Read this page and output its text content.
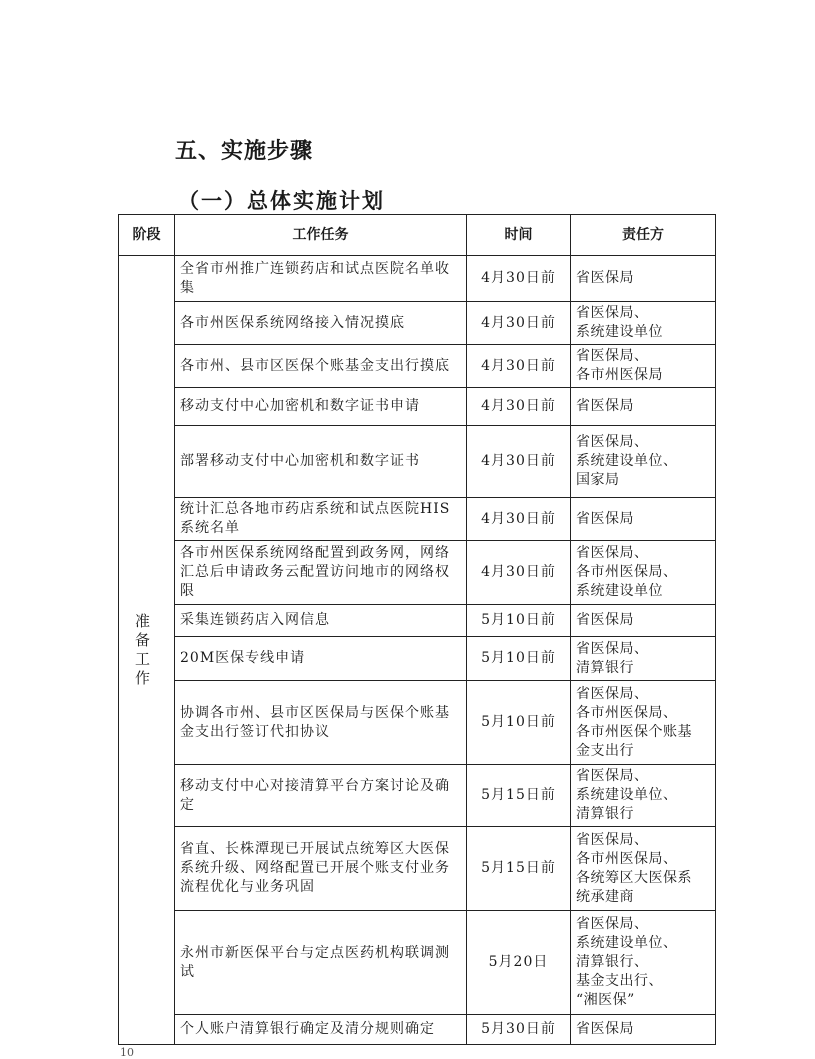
五、实施步骤
（一）总体实施计划
阶段	工作任务	时间	责任方
准备工作	全省市州推广连锁药店和试点医院名单收集	4月30日前	省医保局

	各市州医保系统网络接入情况摸底	4月30日前	省医保局、
系统建设单位

	各市州、县市区医保个账基金支出行摸底	4月30日前	省医保局、
各市州医保局

	移动支付中心加密机和数字证书申请	4月30日前	省医保局

	部署移动支付中心加密机和数字证书	4月30日前	省医保局、
系统建设单位、
国家局

	统计汇总各地市药店系统和试点医院HIS系统名单	4月30日前	省医保局

	各市州医保系统网络配置到政务网，网络汇总后申请政务云配置访问地市的网络权限	4月30日前	省医保局、
各市州医保局、
系统建设单位

	采集连锁药店入网信息	5月10日前	省医保局

	20M医保专线申请	5月10日前	省医保局、
清算银行

	协调各市州、县市区医保局与医保个账基金支出行签订代扣协议	5月10日前	省医保局、
各市州医保局、
各市州医保个账基
金支出行

	移动支付中心对接清算平台方案讨论及确定	5月15日前	省医保局、
系统建设单位、
清算银行

	省直、长株潭现已开展试点统筹区大医保系统升级、网络配置已开展个账支付业务流程优化与业务巩固	5月15日前	省医保局、
各市州医保局、
各统筹区大医保系
统承建商

	永州市新医保平台与定点医药机构联调测试	5月20日	省医保局、
系统建设单位、
清算银行、
基金支出行、
“湘医保”

	个人账户清算银行确定及清分规则确定	5月30日前	省医保局
10
